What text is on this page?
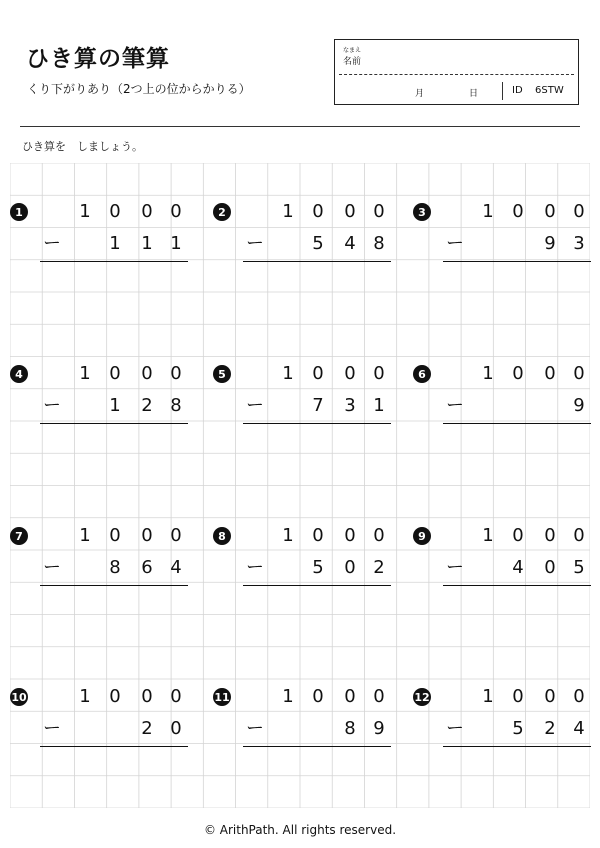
ひき算の筆算
くり下がりあり（2つ上の位からかりる）
なまえ
名前
月	日	ID 6STW
ひき算を　しましょう。
1	1	0	0 0
ー	1	1 1
2	1	0	0 0
ー	5	4 8
3	1	0	0 0
ー	9 3
4	1	0	0 0
ー	1	2 8
5	1	0	0 0
ー	7	3 1
6	1	0	0 0
ー	9
7	1	0	0 0
ー	8	6 4
8	1	0	0 0
ー	5	0 2
9	1	0	0 0
ー	4	0 5
10	1	0	0 0
ー	2 0
11	1	0	0 0
ー	8 9
12	1	0	0 0
ー	5	2 4
© ArithPath. All rights reserved.
